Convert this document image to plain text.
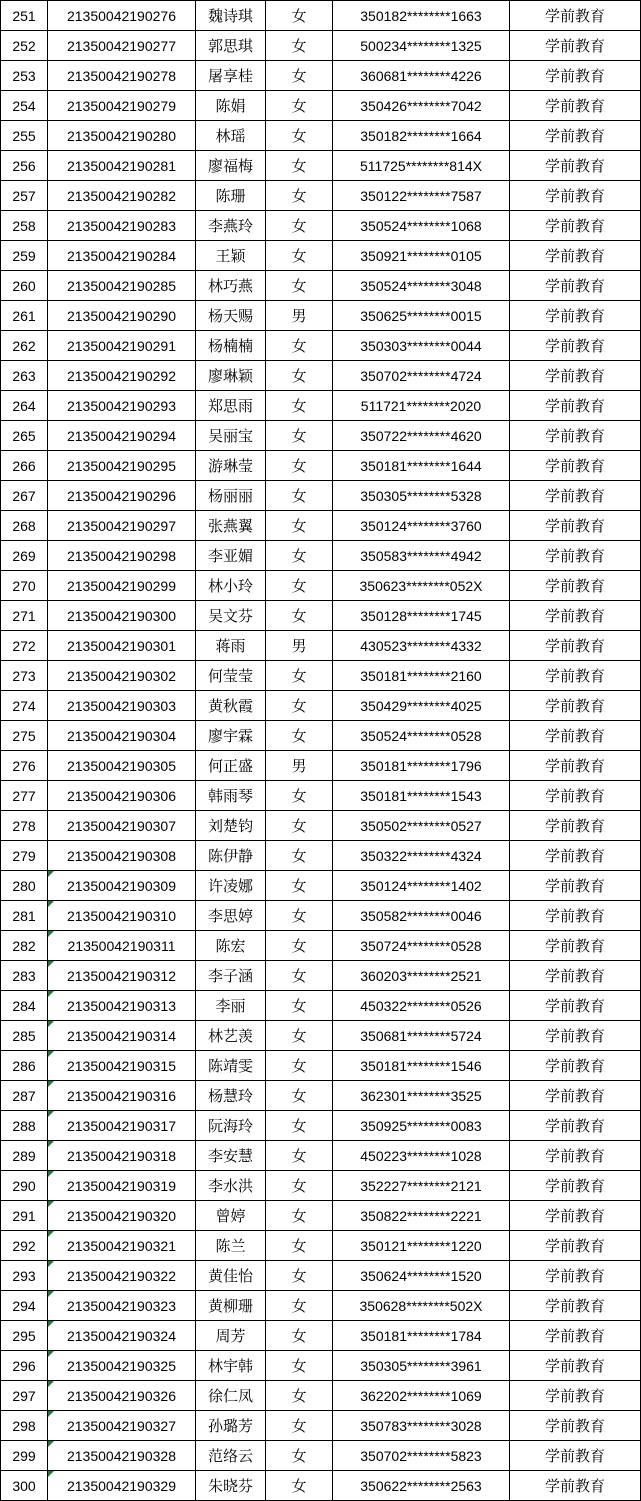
251	21350042190276	魏诗琪	女	350182********1663	学前教育
252	21350042190277	郭思琪	女	500234********1325	学前教育
253	21350042190278	屠享桂	女	360681********4226	学前教育
254	21350042190279	陈娟	女	350426********7042	学前教育
255	21350042190280	林瑶	女	350182********1664	学前教育
256	21350042190281	廖福梅	女	511725********814X	学前教育
257	21350042190282	陈珊	女	350122********7587	学前教育
258	21350042190283	李燕玲	女	350524********1068	学前教育
259	21350042190284	王颖	女	350921********0105	学前教育
260	21350042190285	林巧燕	女	350524********3048	学前教育
261	21350042190290	杨天赐	男	350625********0015	学前教育
262	21350042190291	杨楠楠	女	350303********0044	学前教育
263	21350042190292	廖琳颖	女	350702********4724	学前教育
264	21350042190293	郑思雨	女	511721********2020	学前教育
265	21350042190294	吴丽宝	女	350722********4620	学前教育
266	21350042190295	游琳莹	女	350181********1644	学前教育
267	21350042190296	杨丽丽	女	350305********5328	学前教育
268	21350042190297	张燕翼	女	350124********3760	学前教育
269	21350042190298	李亚媚	女	350583********4942	学前教育
270	21350042190299	林小玲	女	350623********052X	学前教育
271	21350042190300	吴文芬	女	350128********1745	学前教育
272	21350042190301	蒋雨	男	430523********4332	学前教育
273	21350042190302	何莹莹	女	350181********2160	学前教育
274	21350042190303	黄秋霞	女	350429********4025	学前教育
275	21350042190304	廖宇霖	女	350524********0528	学前教育
276	21350042190305	何正盛	男	350181********1796	学前教育
277	21350042190306	韩雨琴	女	350181********1543	学前教育
278	21350042190307	刘楚钧	女	350502********0527	学前教育
279	21350042190308	陈伊静	女	350322********4324	学前教育
280	21350042190309	许凌娜	女	350124********1402	学前教育
281	21350042190310	李思婷	女	350582********0046	学前教育
282	21350042190311	陈宏	女	350724********0528	学前教育
283	21350042190312	李子涵	女	360203********2521	学前教育
284	21350042190313	李丽	女	450322********0526	学前教育
285	21350042190314	林艺羡	女	350681********5724	学前教育
286	21350042190315	陈靖雯	女	350181********1546	学前教育
287	21350042190316	杨慧玲	女	362301********3525	学前教育
288	21350042190317	阮海玲	女	350925********0083	学前教育
289	21350042190318	李安慧	女	450223********1028	学前教育
290	21350042190319	李水洪	女	352227********2121	学前教育
291	21350042190320	曾婷	女	350822********2221	学前教育
292	21350042190321	陈兰	女	350121********1220	学前教育
293	21350042190322	黄佳怡	女	350624********1520	学前教育
294	21350042190323	黄柳珊	女	350628********502X	学前教育
295	21350042190324	周芳	女	350181********1784	学前教育
296	21350042190325	林宇韩	女	350305********3961	学前教育
297	21350042190326	徐仁凤	女	362202********1069	学前教育
298	21350042190327	孙璐芳	女	350783********3028	学前教育
299	21350042190328	范络云	女	350702********5823	学前教育
300	21350042190329	朱晓芬	女	350622********2563	学前教育
